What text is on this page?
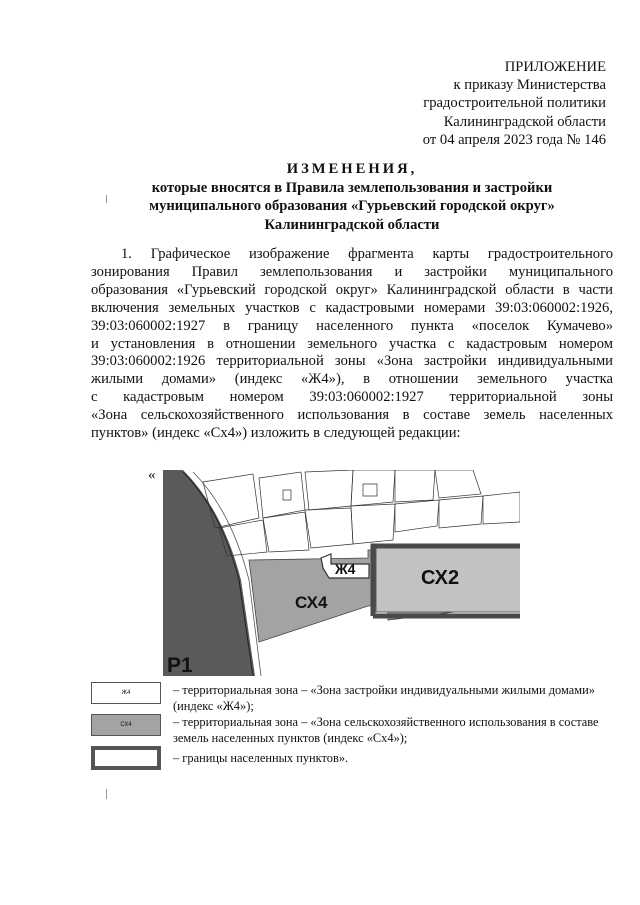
ПРИЛОЖЕНИЕ
к приказу Министерства
градостроительной политики
Калининградской области
от 04 апреля 2023 года № 146
ИЗМЕНЕНИЯ,
которые вносятся в Правила землепользования и застройки
муниципального образования «Гурьевский городской округ»
Калининградской области
1. Графическое изображение фрагмента карты градостроительного
зонирования Правил землепользования и застройки муниципального
образования «Гурьевский городской округ» Калининградской области в части
включения земельных участков с кадастровыми номерами 39:03:060002:1926,
39:03:060002:1927 в границу населенного пункта «поселок Кумачево»
и установления в отношении земельного участка с кадастровым номером
39:03:060002:1926 территориальной зоны «Зона застройки индивидуальными
жилыми домами» (индекс «Ж4»), в отношении земельного участка
с кадастровым номером 39:03:060002:1927 территориальной зоны
«Зона сельскохозяйственного использования в составе земель населенных
пунктов» (индекс «Сх4») изложить в следующей редакции:
«
Ж4
СХ4
СХ2
Р1
Ж4	– территориальная зона – «Зона застройки индивидуальными жилыми домами»
(индекс «Ж4»);
СХ4	– территориальная зона – «Зона сельскохозяйственного использования в составе
земель населенных пунктов (индекс «Сх4»);
– границы населенных пунктов».
